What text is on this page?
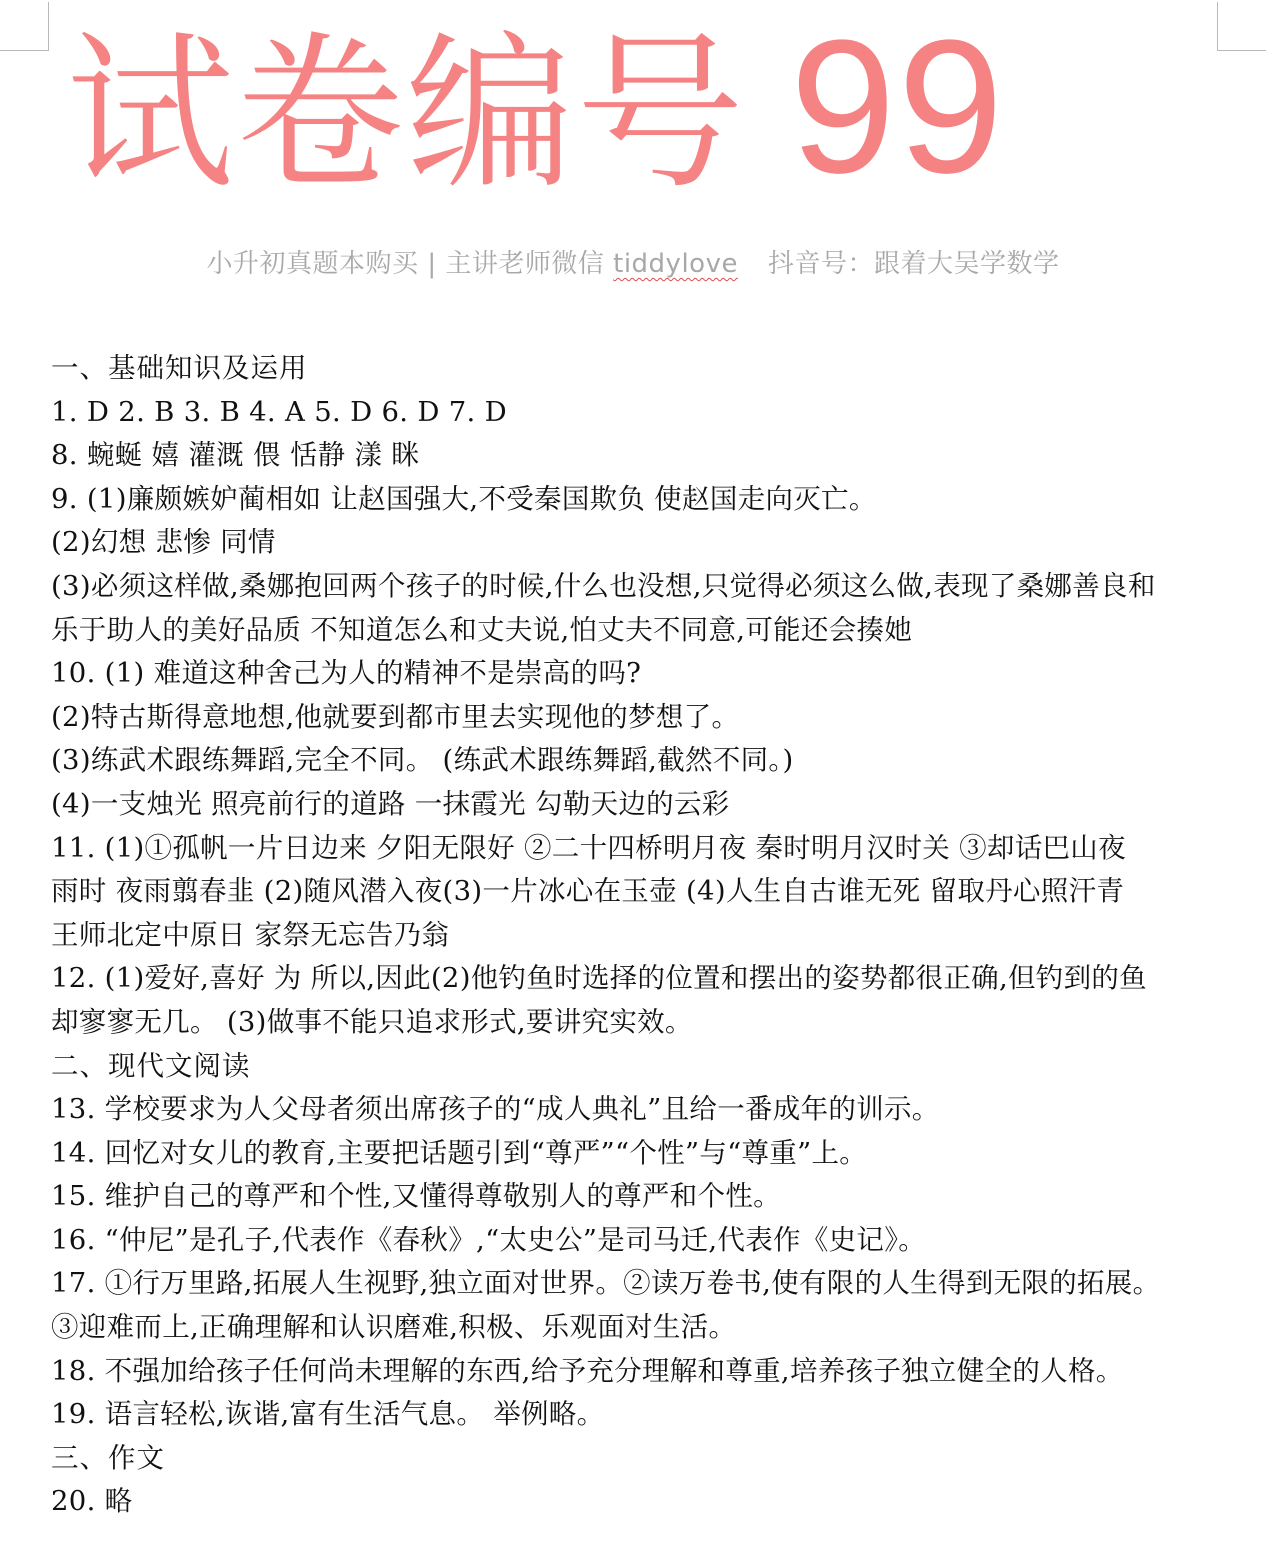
试卷编号 99
小升初真题本购买 | 主讲老师微信 tiddylove 抖音号：跟着大吴学数学
一、基础知识及运用
1. D 2. B 3. B 4. A 5. D 6. D 7. D
8. 蜿蜒 嬉 灌溉 偎 恬静 漾 眯
9. (1)廉颇嫉妒蔺相如 让赵国强大,不受秦国欺负 使赵国走向灭亡。
(2)幻想 悲惨 同情
(3)必须这样做,桑娜抱回两个孩子的时候,什么也没想,只觉得必须这么做,表现了桑娜善良和
乐于助人的美好品质 不知道怎么和丈夫说,怕丈夫不同意,可能还会揍她
10. (1) 难道这种舍己为人的精神不是崇高的吗?
(2)特古斯得意地想,他就要到都市里去实现他的梦想了。
(3)练武术跟练舞蹈,完全不同。 (练武术跟练舞蹈,截然不同。)
(4)一支烛光 照亮前行的道路 一抹霞光 勾勒天边的云彩
11. (1)①孤帆一片日边来 夕阳无限好 ②二十四桥明月夜 秦时明月汉时关 ③却话巴山夜
雨时 夜雨翦春韭 (2)随风潜入夜(3)一片冰心在玉壶 (4)人生自古谁无死 留取丹心照汗青
王师北定中原日 家祭无忘告乃翁
12. (1)爱好,喜好 为 所以,因此(2)他钓鱼时选择的位置和摆出的姿势都很正确,但钓到的鱼
却寥寥无几。 (3)做事不能只追求形式,要讲究实效。
二、现代文阅读
13. 学校要求为人父母者须出席孩子的“成人典礼”且给一番成年的训示。
14. 回忆对女儿的教育,主要把话题引到“尊严”“个性”与“尊重”上。
15. 维护自己的尊严和个性,又懂得尊敬别人的尊严和个性。
16. “仲尼”是孔子,代表作《春秋》,“太史公”是司马迁,代表作《史记》。
17. ①行万里路,拓展人生视野,独立面对世界。②读万卷书,使有限的人生得到无限的拓展。
③迎难而上,正确理解和认识磨难,积极、乐观面对生活。
18. 不强加给孩子任何尚未理解的东西,给予充分理解和尊重,培养孩子独立健全的人格。
19. 语言轻松,诙谐,富有生活气息。 举例略。
三、作文
20. 略
